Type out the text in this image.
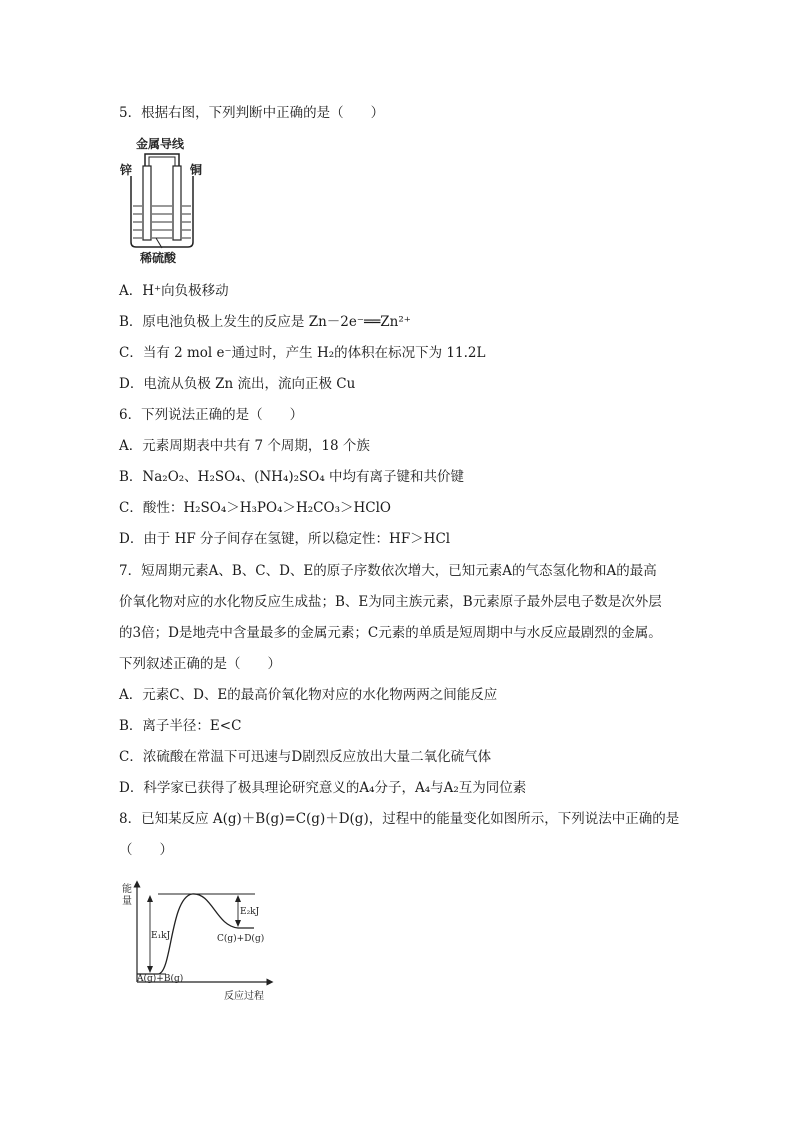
5．根据右图，下列判断中正确的是（　　）
金属导线
锌	铜
稀硫酸
A．H⁺向负极移动
B．原电池负极上发生的反应是 Zn－2e⁻══Zn²⁺
C．当有 2 mol e⁻通过时，产生 H₂的体积在标况下为 11.2L
D．电流从负极 Zn 流出，流向正极 Cu
6．下列说法正确的是（　　）
A．元素周期表中共有 7 个周期，18 个族
B．Na₂O₂、H₂SO₄、(NH₄)₂SO₄ 中均有离子键和共价键
C．酸性：H₂SO₄＞H₃PO₄＞H₂CO₃＞HClO
D．由于 HF 分子间存在氢键，所以稳定性：HF＞HCl
7．短周期元素A、B、C、D、E的原子序数依次增大，已知元素A的气态氢化物和A的最高
价氧化物对应的水化物反应生成盐；B、E为同主族元素，B元素原子最外层电子数是次外层
的3倍；D是地壳中含量最多的金属元素；C元素的单质是短周期中与水反应最剧烈的金属。
下列叙述正确的是（　　）
A．元素C、D、E的最高价氧化物对应的水化物两两之间能反应
B．离子半径：E<C
C．浓硫酸在常温下可迅速与D剧烈反应放出大量二氧化硫气体
D．科学家已获得了极具理论研究意义的A₄分子，A₄与A₂互为同位素
8．已知某反应 A(g)＋B(g)=C(g)＋D(g)，过程中的能量变化如图所示，下列说法中正确的是
（　　）
能
量
反应过程
E₁kJ
E₂kJ
C(g)+D(g)
A(g)+B(g)
